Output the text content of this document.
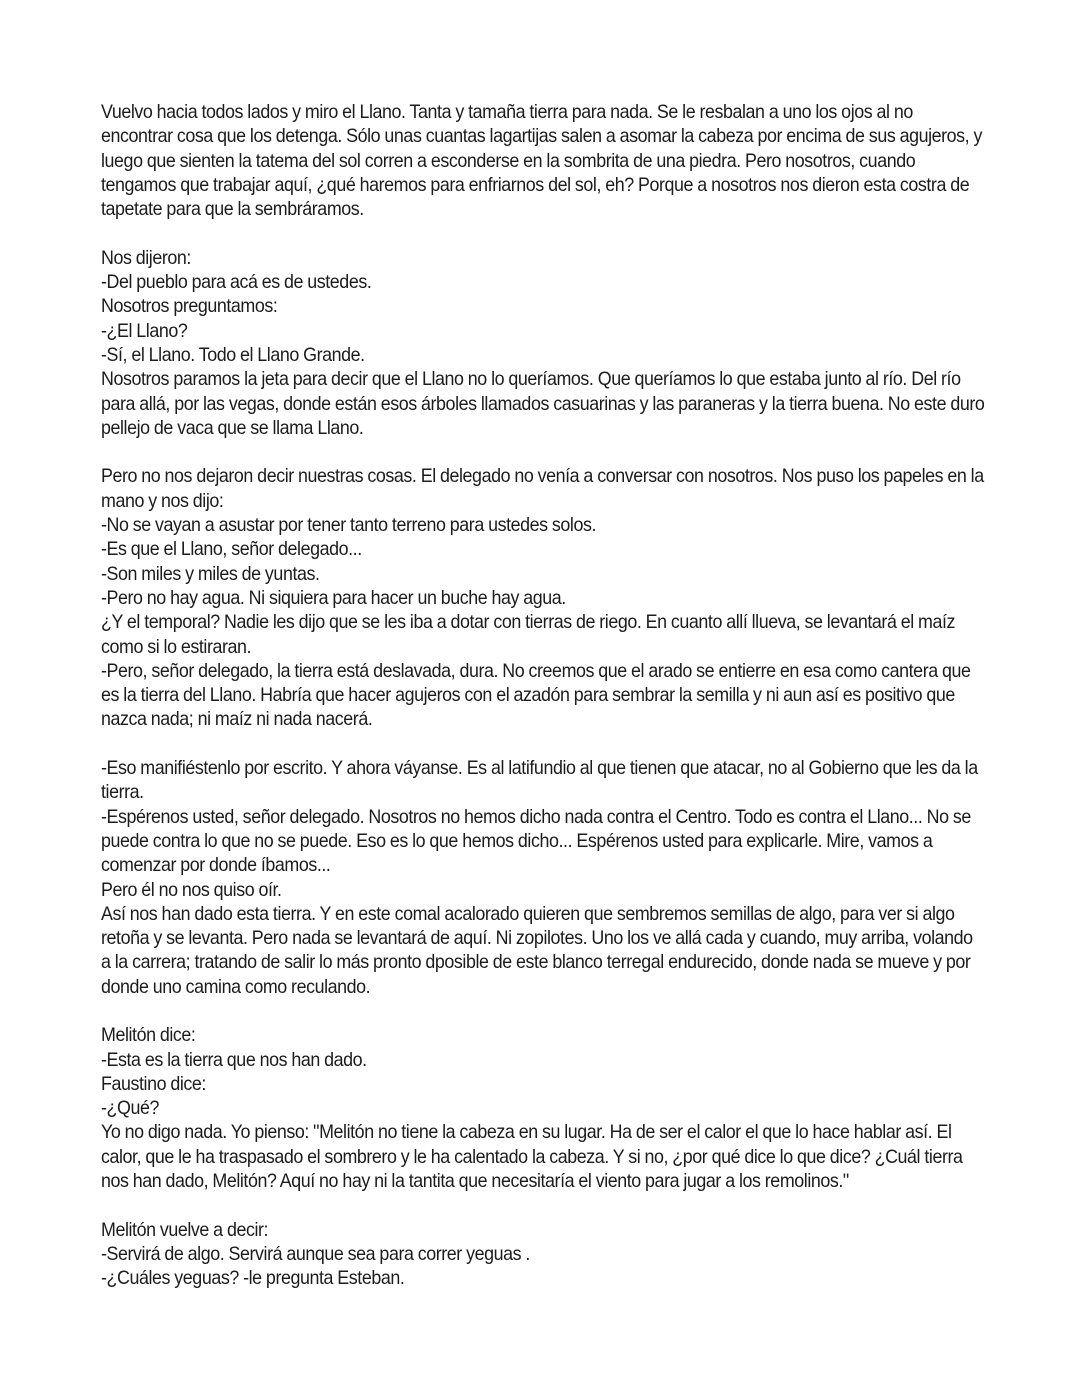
Vuelvo hacia todos lados y miro el Llano. Tanta y tamaña tierra para nada. Se le resbalan a uno los ojos al no encontrar cosa que los detenga. Sólo unas cuantas lagartijas salen a asomar la cabeza por encima de sus agujeros, y luego que sienten la tatema del sol corren a esconderse en la sombrita de una piedra. Pero nosotros, cuando tengamos que trabajar aquí, ¿qué haremos para enfriarnos del sol, eh? Porque a nosotros nos dieron esta costra de tapetate para que la sembráramos.

Nos dijeron:

-Del pueblo para acá es de ustedes.

Nosotros preguntamos:

-¿El Llano?

-Sí, el Llano. Todo el Llano Grande.

Nosotros paramos la jeta para decir que el Llano no lo queríamos. Que queríamos lo que estaba junto al río. Del río para allá, por las vegas, donde están esos árboles llamados casuarinas y las paraneras y la tierra buena. No este duro pellejo de vaca que se llama Llano.

Pero no nos dejaron decir nuestras cosas. El delegado no venía a conversar con nosotros. Nos puso los papeles en la mano y nos dijo:

-No se vayan a asustar por tener tanto terreno para ustedes solos.

-Es que el Llano, señor delegado...

-Son miles y miles de yuntas.

-Pero no hay agua. Ni siquiera para hacer un buche hay agua.

¿Y el temporal? Nadie les dijo que se les iba a dotar con tierras de riego. En cuanto allí llueva, se levantará el maíz como si lo estiraran.

-Pero, señor delegado, la tierra está deslavada, dura. No creemos que el arado se entierre en esa como cantera que es la tierra del Llano. Habría que hacer agujeros con el azadón para sembrar la semilla y ni aun así es positivo que nazca nada; ni maíz ni nada nacerá.

-Eso manifiéstenlo por escrito. Y ahora váyanse. Es al latifundio al que tienen que atacar, no al Gobierno que les da la tierra.

-Espérenos usted, señor delegado. Nosotros no hemos dicho nada contra el Centro. Todo es contra el Llano... No se puede contra lo que no se puede. Eso es lo que hemos dicho... Espérenos usted para explicarle. Mire, vamos a comenzar por donde íbamos...

Pero él no nos quiso oír.

Así nos han dado esta tierra. Y en este comal acalorado quieren que sembremos semillas de algo, para ver si algo retoña y se levanta. Pero nada se levantará de aquí. Ni zopilotes. Uno los ve allá cada y cuando, muy arriba, volando a la carrera; tratando de salir lo más pronto dposible de este blanco terregal endurecido, donde nada se mueve y por donde uno camina como reculando.

Melitón dice:

-Esta es la tierra que nos han dado.

Faustino dice:

-¿Qué?

Yo no digo nada. Yo pienso: "Melitón no tiene la cabeza en su lugar. Ha de ser el calor el que lo hace hablar así. El calor, que le ha traspasado el sombrero y le ha calentado la cabeza. Y si no, ¿por qué dice lo que dice? ¿Cuál tierra nos han dado, Melitón? Aquí no hay ni la tantita que necesitaría el viento para jugar a los remolinos."

Melitón vuelve a decir:

-Servirá de algo. Servirá aunque sea para correr yeguas .

-¿Cuáles yeguas? -le pregunta Esteban.
